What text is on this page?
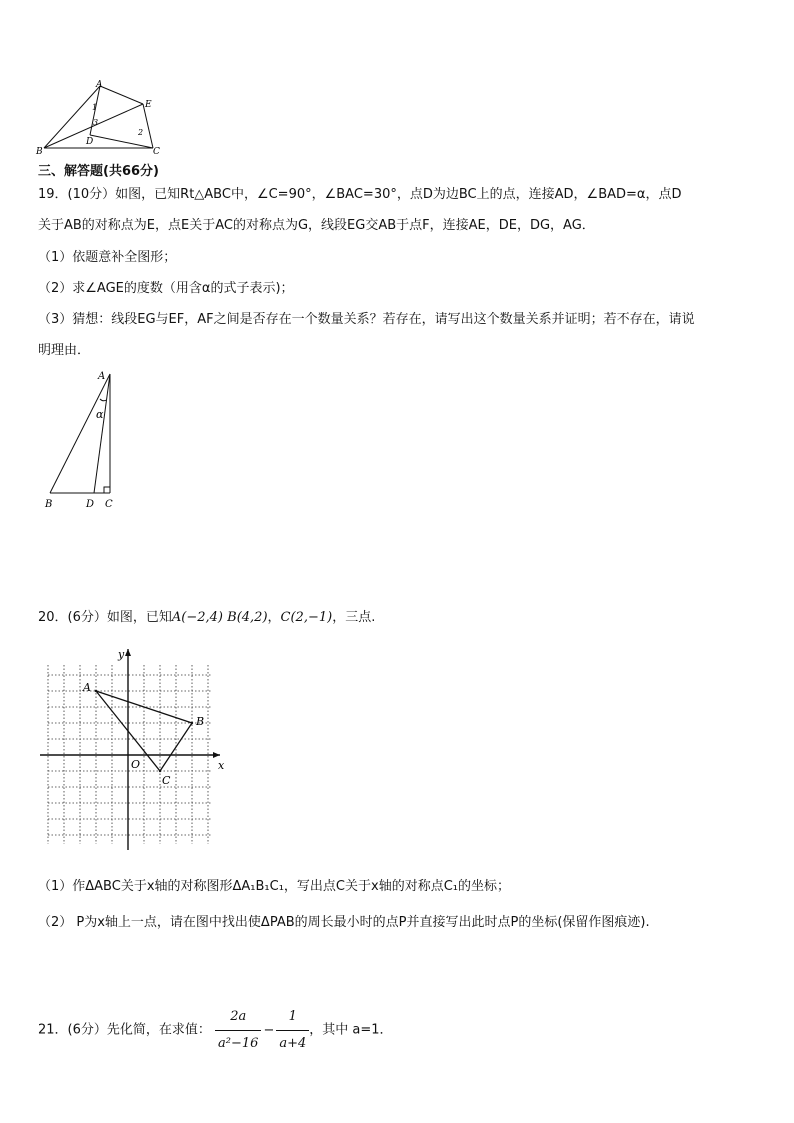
A
B	C
D
E
1
2
3
三、解答题(共66分)
19．(10分）如图，已知Rt△ABC中，∠C=90°，∠BAC=30°，点D为边BC上的点，连接AD，∠BAD=α，点D
关于AB的对称点为E，点E关于AC的对称点为G，线段EG交AB于点F，连接AE，DE，DG，AG．
（1）依题意补全图形；
（2）求∠AGE的度数（用含α的式子表示)；
（3）猜想：线段EG与EF，AF之间是否存在一个数量关系？若存在，请写出这个数量关系并证明；若不存在，请说
明理由．
A
B	C
D
α
20．(6分）如图，已知A(−2,4) B(4,2)，C(2,−1)，三点.
x
y
O
A
B
C
（1）作ΔABC关于x轴的对称图形ΔA₁B₁C₁，写出点C关于x轴的对称点C₁的坐标；
（2） P为x轴上一点，请在图中找出使ΔPAB的周长最小时的点P并直接写出此时点P的坐标(保留作图痕迹).
21．(6分）先化简，在求值： $\frac{2a}{\text{a²−16}} - \frac{1}{a+4}$ ，其中 a=1．
